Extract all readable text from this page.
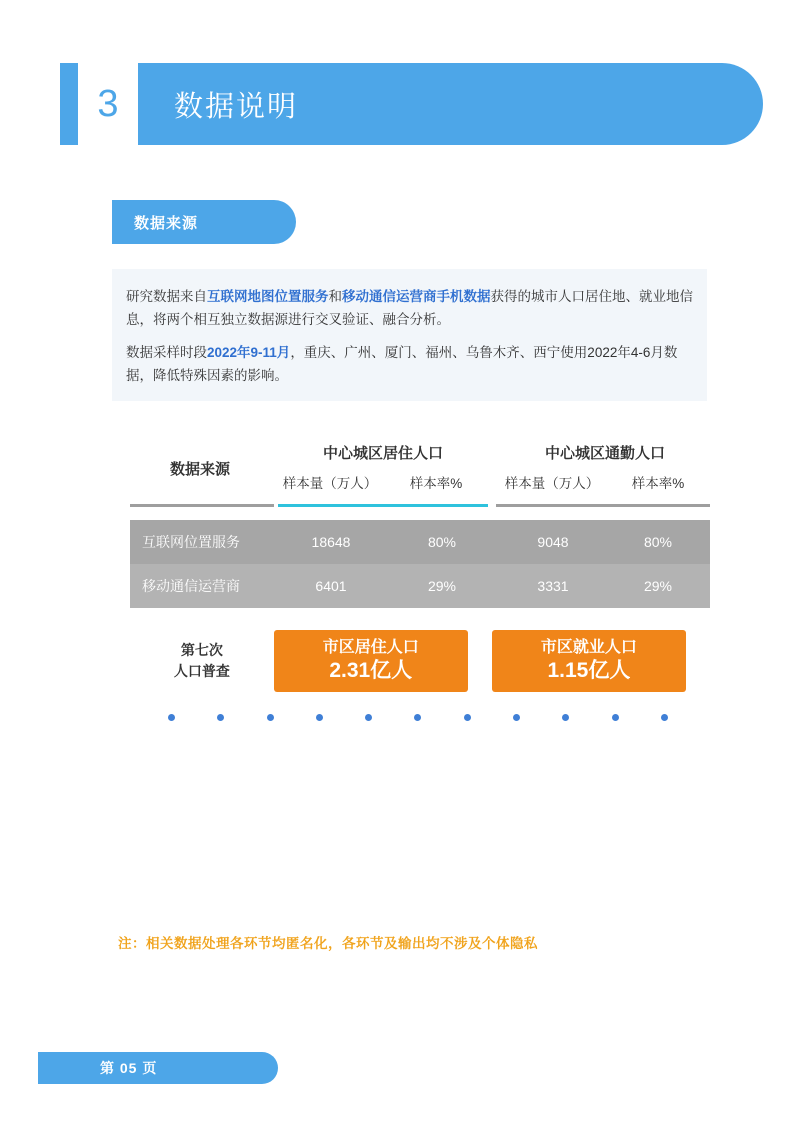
3 数据说明
数据来源
研究数据来自互联网地图位置服务和移动通信运营商手机数据获得的城市人口居住地、就业地信息，将两个相互独立数据源进行交叉验证、融合分析。
数据采样时段2022年9-11月，重庆、广州、厦门、福州、乌鲁木齐、西宁使用2022年4-6月数据，降低特殊因素的影响。
中心城区居住人口	中心城区通勤人口
数据来源
样本量（万人）	样本率%	样本量（万人）	样本率%
互联网位置服务	18648	80%	9048	80%
移动通信运营商	6401	29%	3331	29%
第七次
人口普查
市区居住人口
2.31亿人
市区就业人口
1.15亿人
注：相关数据处理各环节均匿名化，各环节及输出均不涉及个体隐私
第 05 页
